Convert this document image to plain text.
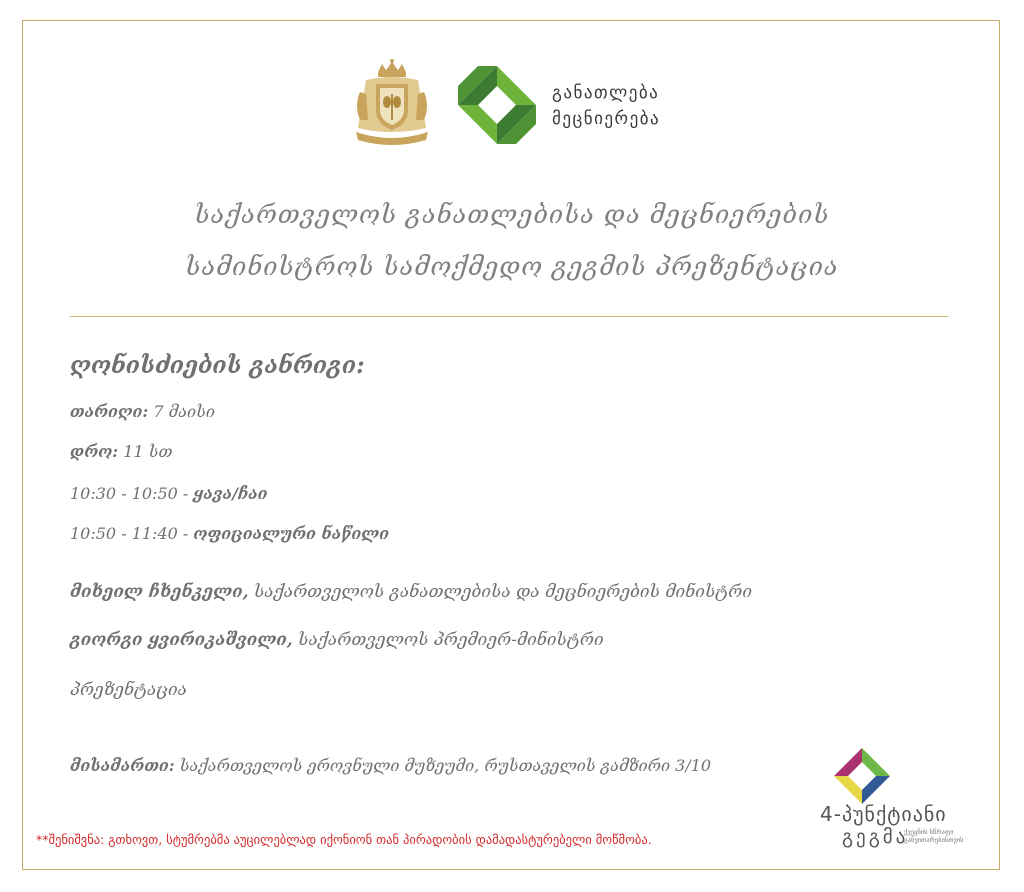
განათლება
მეცნიერება
საქართველოს განათლებისა და მეცნიერების
სამინისტროს სამოქმედო გეგმის პრეზენტაცია
ღონისძიების განრიგი:
თარიღი: 7 მაისი
დრო: 11 სთ
10:30 - 10:50 - ყავა/ჩაი
10:50 - 11:40 - ოფიციალური ნაწილი
მიხეილ ჩხენკელი, საქართველოს განათლებისა და მეცნიერების მინისტრი
გიორგი ყვირიკაშვილი, საქართველოს პრემიერ-მინისტრი
პრეზენტაცია
მისამართი: საქართველოს ეროვნული მუზეუმი, რუსთაველის გამზირი 3/10
**შენიშვნა: გთხოვთ, სტუმრებმა აუცილებლად იქონიონ თან პირადობის დამადასტურებელი მოწმობა.
4-პუნქტიანი
გეგმა
ქვეყნის სწრაფი განვითარებისთვის
